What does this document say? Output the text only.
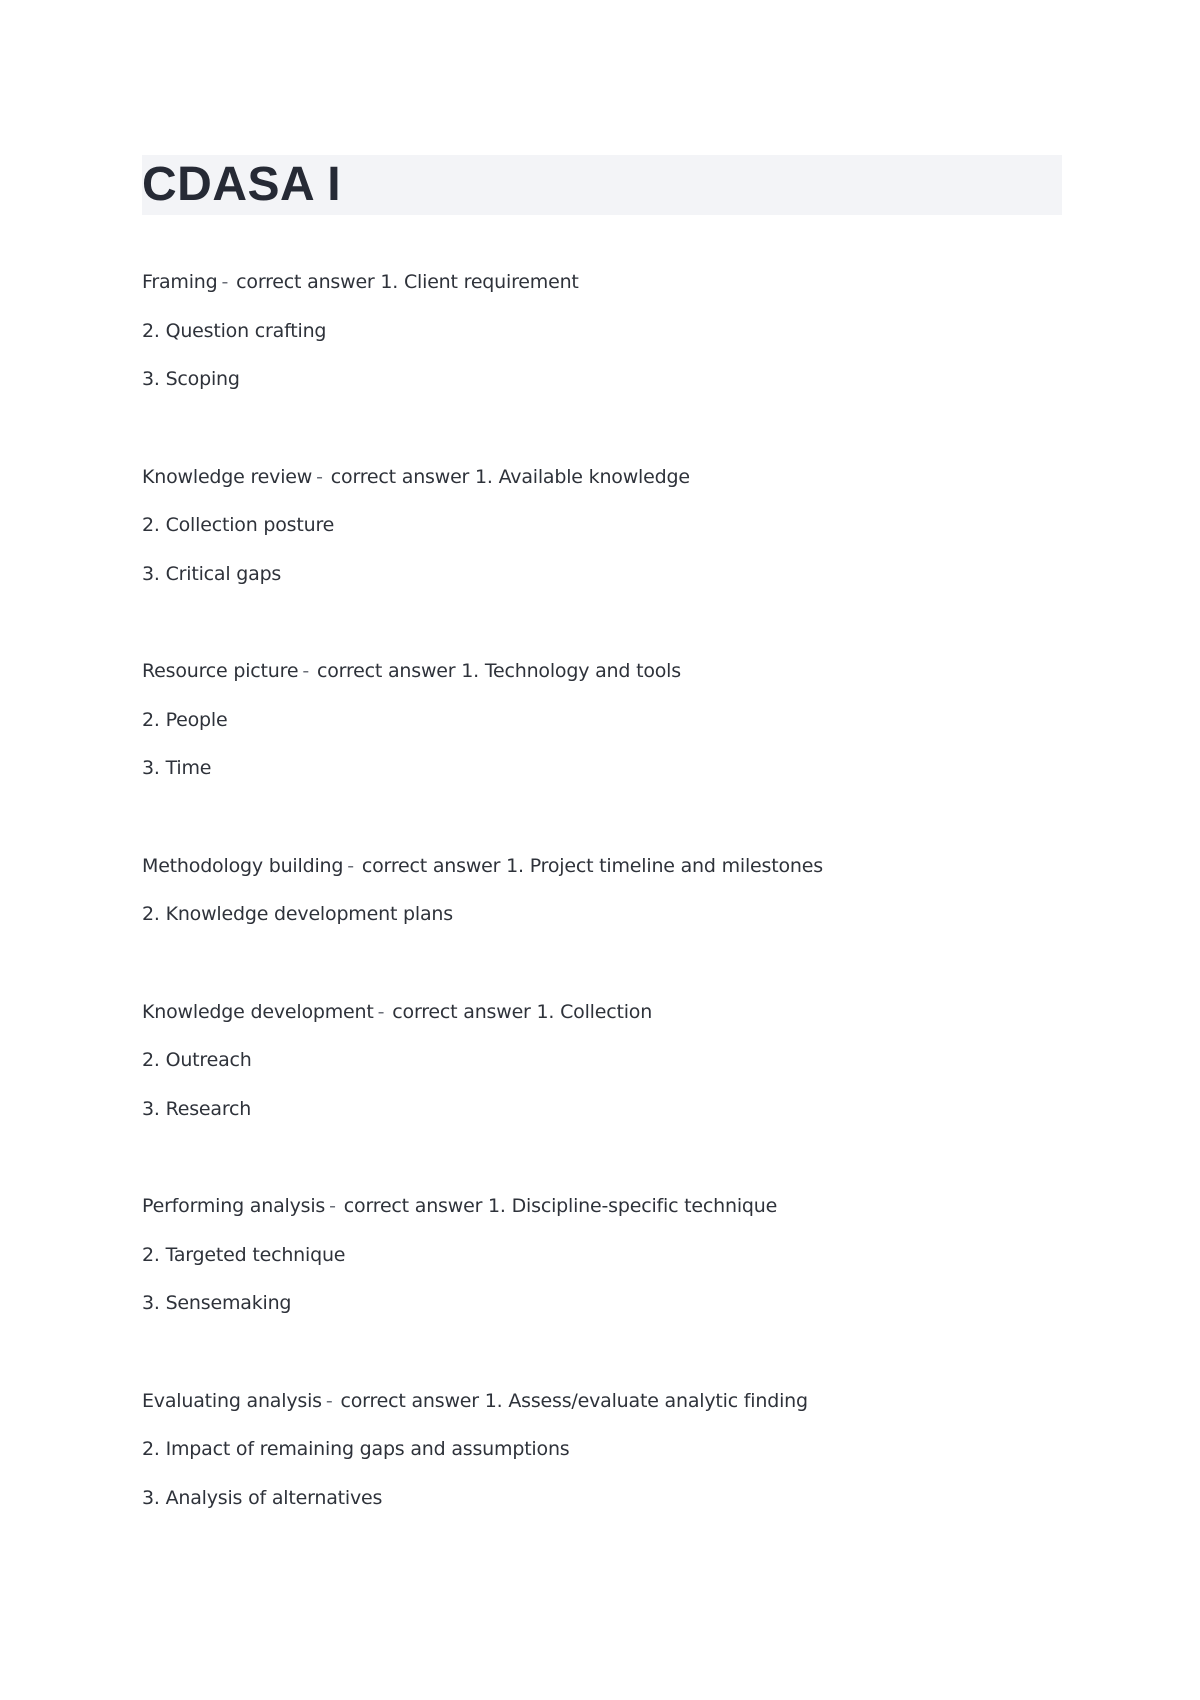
CDASA I
Framing - correct answer 1. Client requirement
2. Question crafting
3. Scoping
Knowledge review - correct answer 1. Available knowledge
2. Collection posture
3. Critical gaps
Resource picture - correct answer 1. Technology and tools
2. People
3. Time
Methodology building - correct answer 1. Project timeline and milestones
2. Knowledge development plans
Knowledge development - correct answer 1. Collection
2. Outreach
3. Research
Performing analysis - correct answer 1. Discipline-specific technique
2. Targeted technique
3. Sensemaking
Evaluating analysis - correct answer 1. Assess/evaluate analytic finding
2. Impact of remaining gaps and assumptions
3. Analysis of alternatives
